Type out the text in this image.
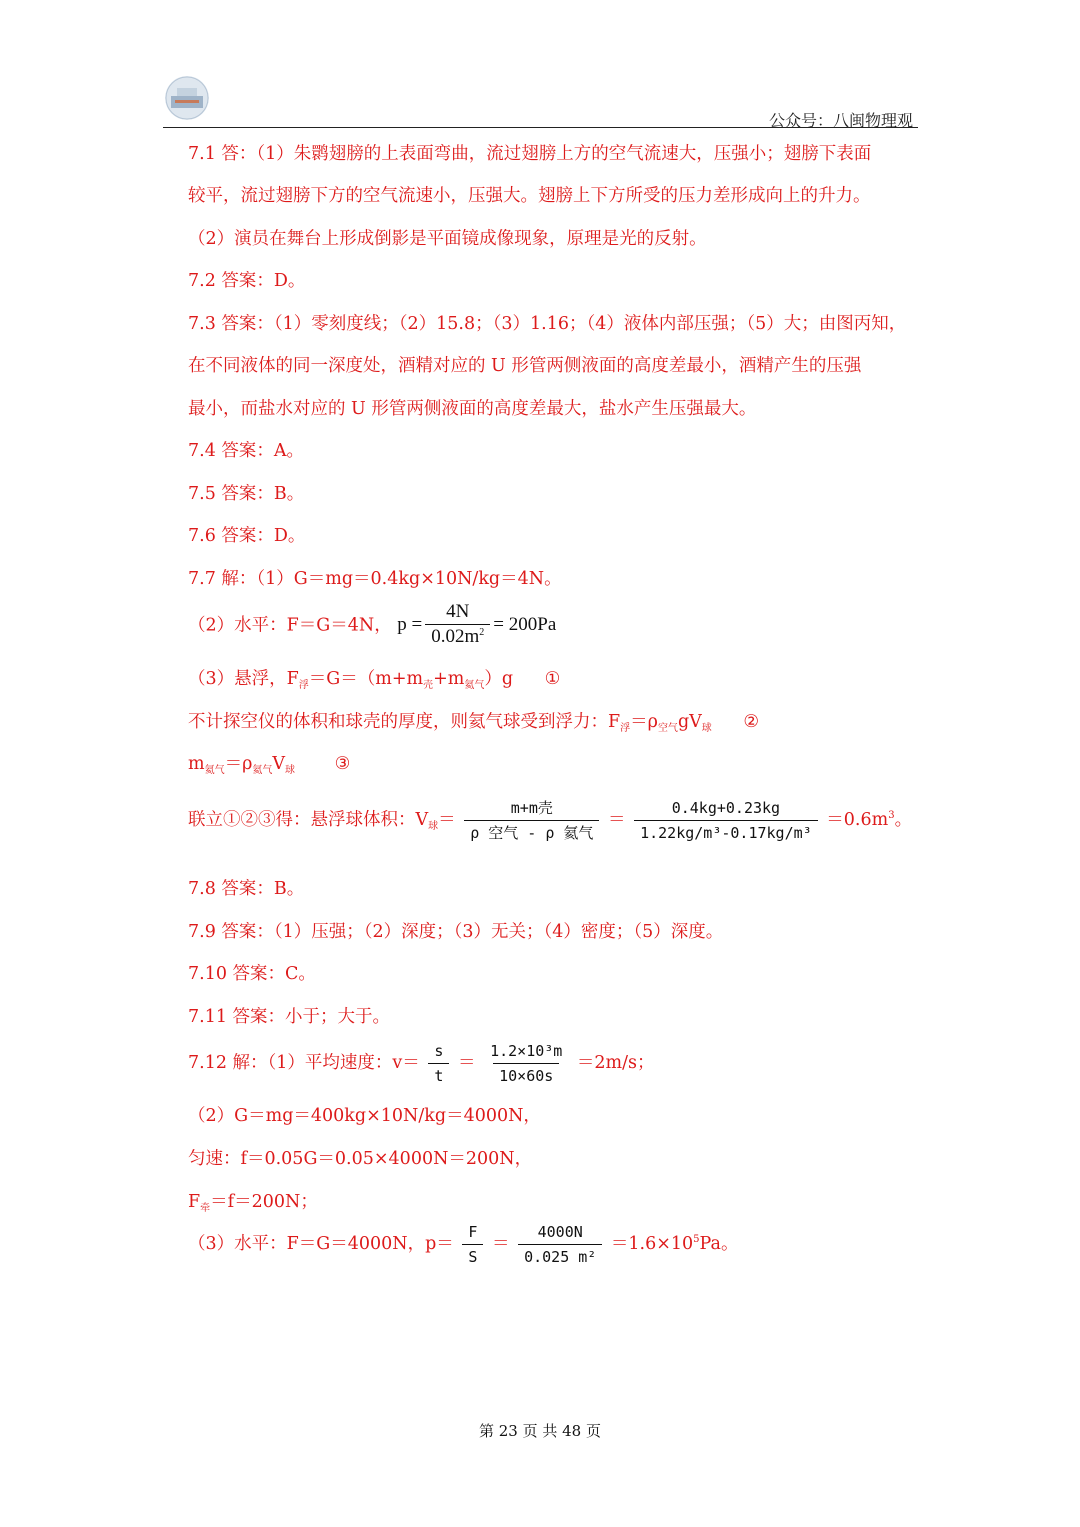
公众号：八闽物理观
7.1 答：（1）朱鹮翅膀的上表面弯曲，流过翅膀上方的空气流速大，压强小；翅膀下表面
较平，流过翅膀下方的空气流速小，压强大。翅膀上下方所受的压力差形成向上的升力。
（2）演员在舞台上形成倒影是平面镜成像现象，原理是光的反射。
7.2 答案：D。
7.3 答案：（1）零刻度线；（2）15.8；（3）1.16；（4）液体内部压强；（5）大；由图丙知，
在不同液体的同一深度处，酒精对应的 U 形管两侧液面的高度差最小，酒精产生的压强
最小，而盐水对应的 U 形管两侧液面的高度差最大，盐水产生压强最大。
7.4 答案：A。
7.5 答案：B。
7.6 答案：D。
7.7 解：（1）G＝mg＝0.4kg×10N/kg＝4N。
（2）水平：F＝G＝4N， $p = \frac{4N}{0.02m^2} = 200Pa$
（3）悬浮，$F_浮=G=(m+m_壳+m_{氦气})g$ ①
不计探空仪的体积和球壳的厚度，则氦气球受到浮力：$F_浮=\rho_{空气}gV_球$ ②
$m_{氦气}=\rho_{氦气}V_球$ ③
联立①②③得：悬浮球体积：$V_球= \frac{\text{m+m壳}}{\text{ρ 空气 - ρ 氦气}} = \frac{0.4kg+0.23kg}{\text{1.22kg/m³-0.17kg/m³}} =0.6m^3$。
7.8 答案：B。
7.9 答案：（1）压强；（2）深度；（3）无关；（4）密度；（5）深度。
7.10 答案：C。
7.11 答案：小于；大于。
7.12 解：（1）平均速度：$v= \frac{s}{t} = \frac{\text{1.2×10³m}}{10\times 60s} =2m/s$；
（2）G＝mg＝400kg×10N/kg＝4000N，
匀速：f＝0.05G＝0.05×4000N＝200N，
$F_牵=f=200N$；
（3）水平：F＝G＝4000N，$p= \frac{F}{S} = \frac{4000N}{\text{0.025 m²}} =1.6\times 10^5Pa$。
第 23 页 共 48 页
